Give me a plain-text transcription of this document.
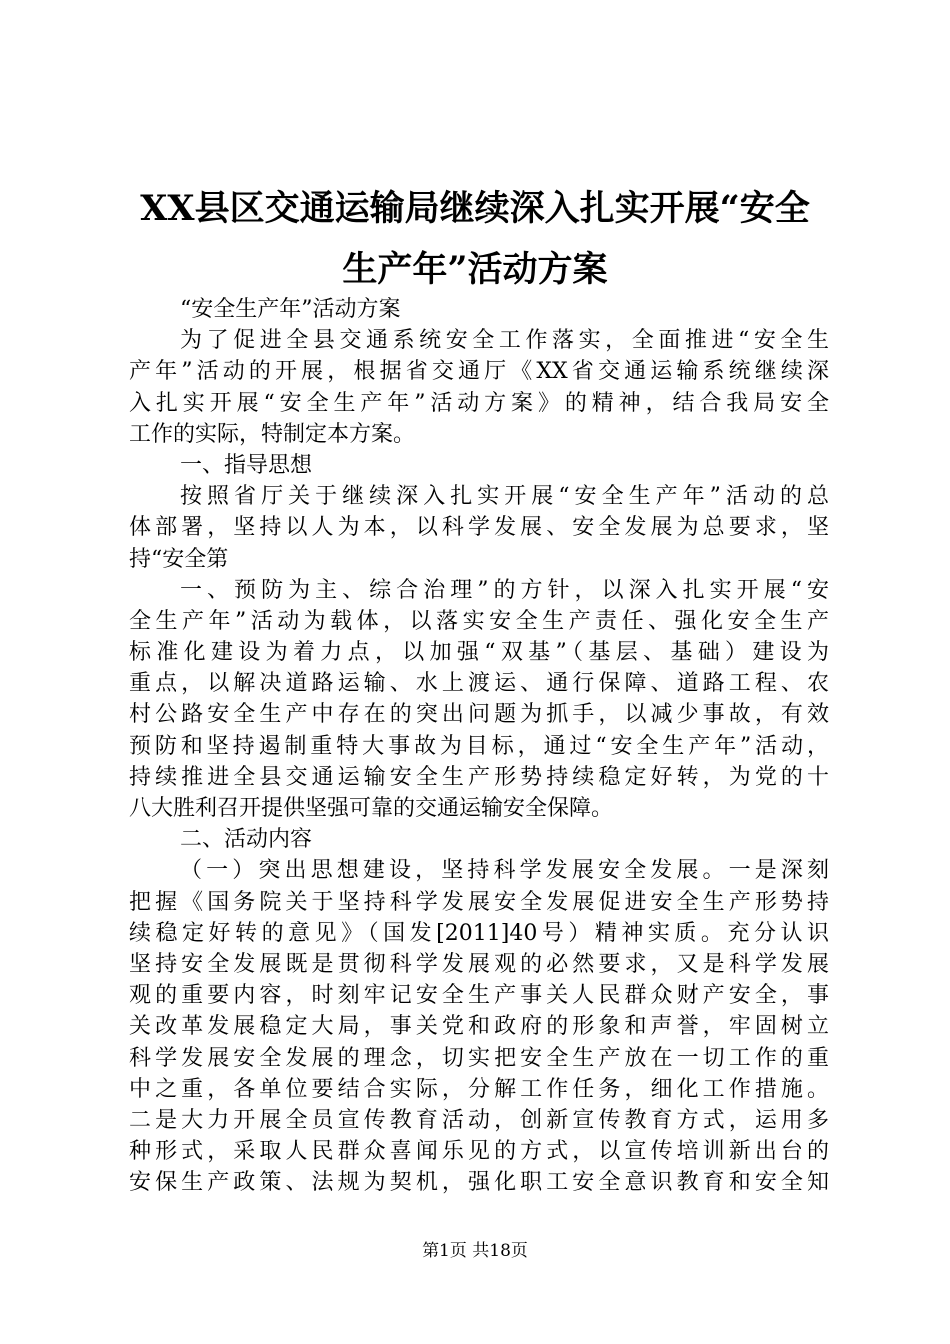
XX县区交通运输局继续深入扎实开展“安全
生产年”活动方案
“安全生产年”活动方案
为了促进全县交通系统安全工作落实，全面推进“安全生
产年”活动的开展，根据省交通厅《XX省交通运输系统继续深
入扎实开展“安全生产年”活动方案》的精神，结合我局安全
工作的实际，特制定本方案。
一、指导思想
按照省厅关于继续深入扎实开展“安全生产年”活动的总
体部署，坚持以人为本，以科学发展、安全发展为总要求，坚
持“安全第
一、预防为主、综合治理”的方针，以深入扎实开展“安
全生产年”活动为载体，以落实安全生产责任、强化安全生产
标准化建设为着力点，以加强“双基”（基层、基础）建设为
重点，以解决道路运输、水上渡运、通行保障、道路工程、农
村公路安全生产中存在的突出问题为抓手，以减少事故，有效
预防和坚持遏制重特大事故为目标，通过“安全生产年”活动，
持续推进全县交通运输安全生产形势持续稳定好转，为党的十
八大胜利召开提供坚强可靠的交通运输安全保障。
二、活动内容
（一）突出思想建设，坚持科学发展安全发展。一是深刻
把握《国务院关于坚持科学发展安全发展促进安全生产形势持
续稳定好转的意见》（国发[2011]40号）精神实质。充分认识
坚持安全发展既是贯彻科学发展观的必然要求，又是科学发展
观的重要内容，时刻牢记安全生产事关人民群众财产安全，事
关改革发展稳定大局，事关党和政府的形象和声誉，牢固树立
科学发展安全发展的理念，切实把安全生产放在一切工作的重
中之重，各单位要结合实际，分解工作任务，细化工作措施。
二是大力开展全员宣传教育活动，创新宣传教育方式，运用多
种形式，采取人民群众喜闻乐见的方式，以宣传培训新出台的
安保生产政策、法规为契机，强化职工安全意识教育和安全知
第1页 共18页
